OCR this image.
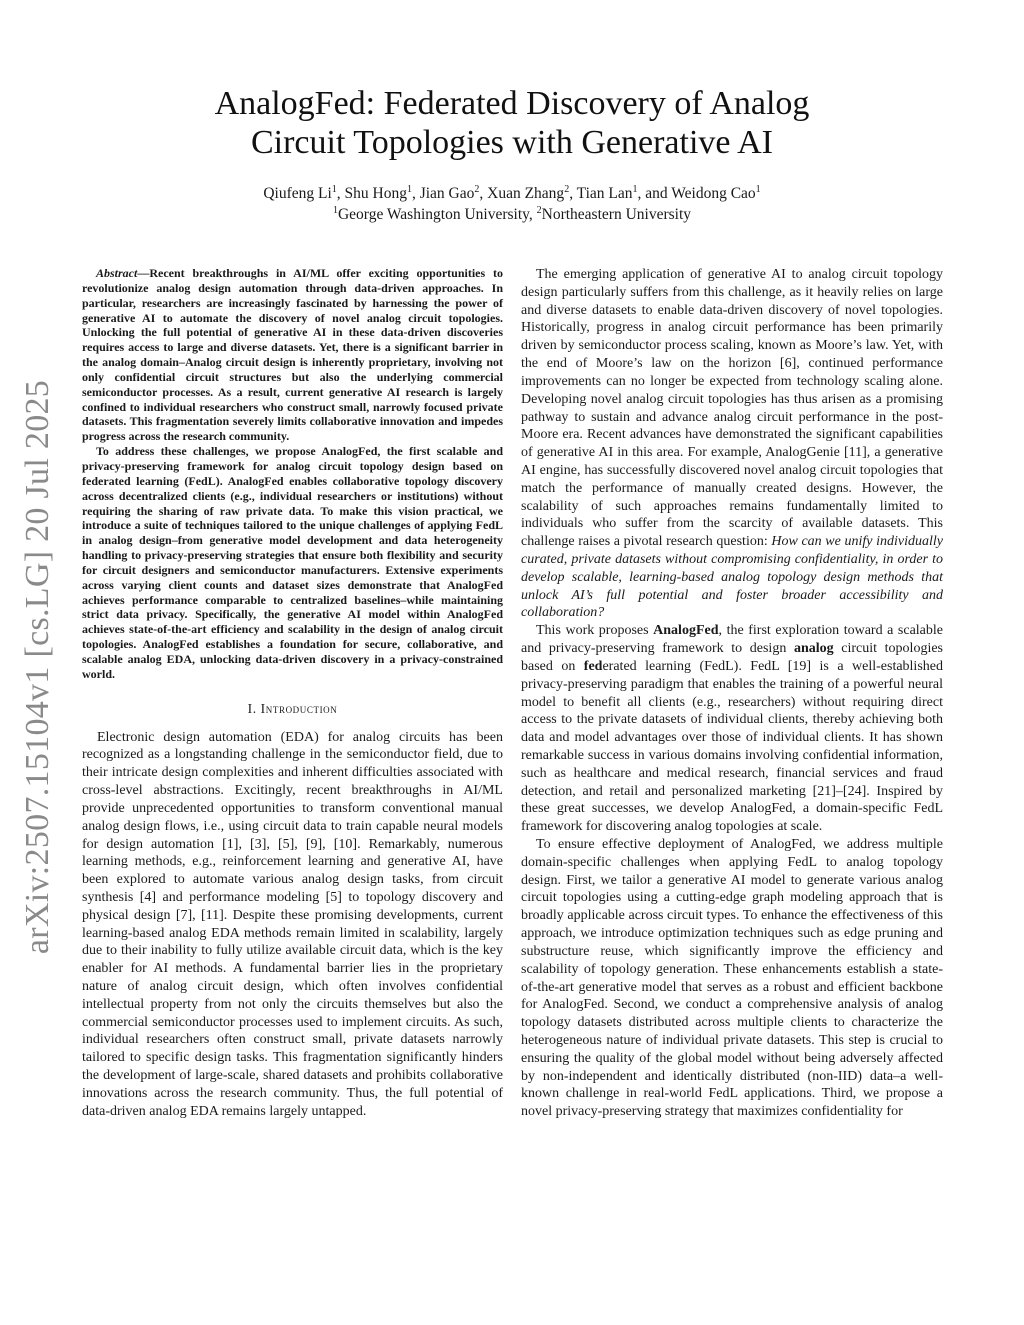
arXiv:2507.15104v1 [cs.LG] 20 Jul 2025
AnalogFed: Federated Discovery of Analog
Circuit Topologies with Generative AI
Qiufeng Li$^1$, Shu Hong$^1$, Jian Gao$^2$, Xuan Zhang$^2$, Tian Lan$^1$, and Weidong Cao$^1$
$^1$George Washington University, $^2$Northeastern University

Abstract—Recent breakthroughs in AI/ML offer exciting opportunities to revolutionize analog design automation through data-driven approaches. In particular, researchers are increasingly fascinated by harnessing the power of generative AI to automate the discovery of novel analog circuit topologies. Unlocking the full potential of generative AI in these data-driven discoveries requires access to large and diverse datasets. Yet, there is a significant barrier in the analog domain–Analog circuit design is inherently proprietary, involving not only confidential circuit structures but also the underlying commercial semiconductor processes. As a result, current generative AI research is largely confined to individual researchers who construct small, narrowly focused private datasets. This fragmentation severely limits collaborative innovation and impedes progress across the research community.

To address these challenges, we propose AnalogFed, the first scalable and privacy-preserving framework for analog circuit topology design based on federated learning (FedL). AnalogFed enables collaborative topology discovery across decentralized clients (e.g., individual researchers or institutions) without requiring the sharing of raw private data. To make this vision practical, we introduce a suite of techniques tailored to the unique challenges of applying FedL in analog design–from generative model development and data heterogeneity handling to privacy-preserving strategies that ensure both flexibility and security for circuit designers and semiconductor manufacturers. Extensive experiments across varying client counts and dataset sizes demonstrate that AnalogFed achieves performance comparable to centralized baselines–while maintaining strict data privacy. Specifically, the generative AI model within AnalogFed achieves state-of-the-art efficiency and scalability in the design of analog circuit topologies. AnalogFed establishes a foundation for secure, collaborative, and scalable analog EDA, unlocking data-driven discovery in a privacy-constrained world.

I. Introduction

Electronic design automation (EDA) for analog circuits has been recognized as a longstanding challenge in the semiconductor field, due to their intricate design complexities and inherent difficulties associated with cross-level abstractions. Excitingly, recent breakthroughs in AI/ML provide unprecedented opportunities to transform conventional manual analog design flows, i.e., using circuit data to train capable neural models for design automation [1], [3], [5], [9], [10]. Remarkably, numerous learning methods, e.g., reinforcement learning and generative AI, have been explored to automate various analog design tasks, from circuit synthesis [4] and performance modeling [5] to topology discovery and physical design [7], [11]. Despite these promising developments, current learning-based analog EDA methods remain limited in scalability, largely due to their inability to fully utilize available circuit data, which is the key enabler for AI methods. A fundamental barrier lies in the proprietary nature of analog circuit design, which often involves confidential intellectual property from not only the circuits themselves but also the commercial semiconductor processes used to implement circuits. As such, individual researchers often construct small, private datasets narrowly tailored to specific design tasks. This fragmentation significantly hinders the development of large-scale, shared datasets and prohibits collaborative innovations across the research community. Thus, the full potential of data-driven analog EDA remains largely untapped.

The emerging application of generative AI to analog circuit topology design particularly suffers from this challenge, as it heavily relies on large and diverse datasets to enable data-driven discovery of novel topologies. Historically, progress in analog circuit performance has been primarily driven by semiconductor process scaling, known as Moore’s law. Yet, with the end of Moore’s law on the horizon [6], continued performance improvements can no longer be expected from technology scaling alone. Developing novel analog circuit topologies has thus arisen as a promising pathway to sustain and advance analog circuit performance in the post-Moore era. Recent advances have demonstrated the significant capabilities of generative AI in this area. For example, AnalogGenie [11], a generative AI engine, has successfully discovered novel analog circuit topologies that match the performance of manually created designs. However, the scalability of such approaches remains fundamentally limited to individuals who suffer from the scarcity of available datasets. This challenge raises a pivotal research question: How can we unify individually curated, private datasets without compromising confidentiality, in order to develop scalable, learning-based analog topology design methods that unlock AI’s full potential and foster broader accessibility and collaboration?

This work proposes AnalogFed, the first exploration toward a scalable and privacy-preserving framework to design analog circuit topologies based on federated learning (FedL). FedL [19] is a well-established privacy-preserving paradigm that enables the training of a powerful neural model to benefit all clients (e.g., researchers) without requiring direct access to the private datasets of individual clients, thereby achieving both data and model advantages over those of individual clients. It has shown remarkable success in various domains involving confidential information, such as healthcare and medical research, financial services and fraud detection, and retail and personalized marketing [21]–[24]. Inspired by these great successes, we develop AnalogFed, a domain-specific FedL framework for discovering analog topologies at scale.

To ensure effective deployment of AnalogFed, we address multiple domain-specific challenges when applying FedL to analog topology design. First, we tailor a generative AI model to generate various analog circuit topologies using a cutting-edge graph modeling approach that is broadly applicable across circuit types. To enhance the effectiveness of this approach, we introduce optimization techniques such as edge pruning and substructure reuse, which significantly improve the efficiency and scalability of topology generation. These enhancements establish a state-of-the-art generative model that serves as a robust and efficient backbone for AnalogFed. Second, we conduct a comprehensive analysis of analog topology datasets distributed across multiple clients to characterize the heterogeneous nature of individual private datasets. This step is crucial to ensuring the quality of the global model without being adversely affected by non-independent and identically distributed (non-IID) data–a well-known challenge in real-world FedL applications. Third, we propose a novel privacy-preserving strategy that maximizes confidentiality for
